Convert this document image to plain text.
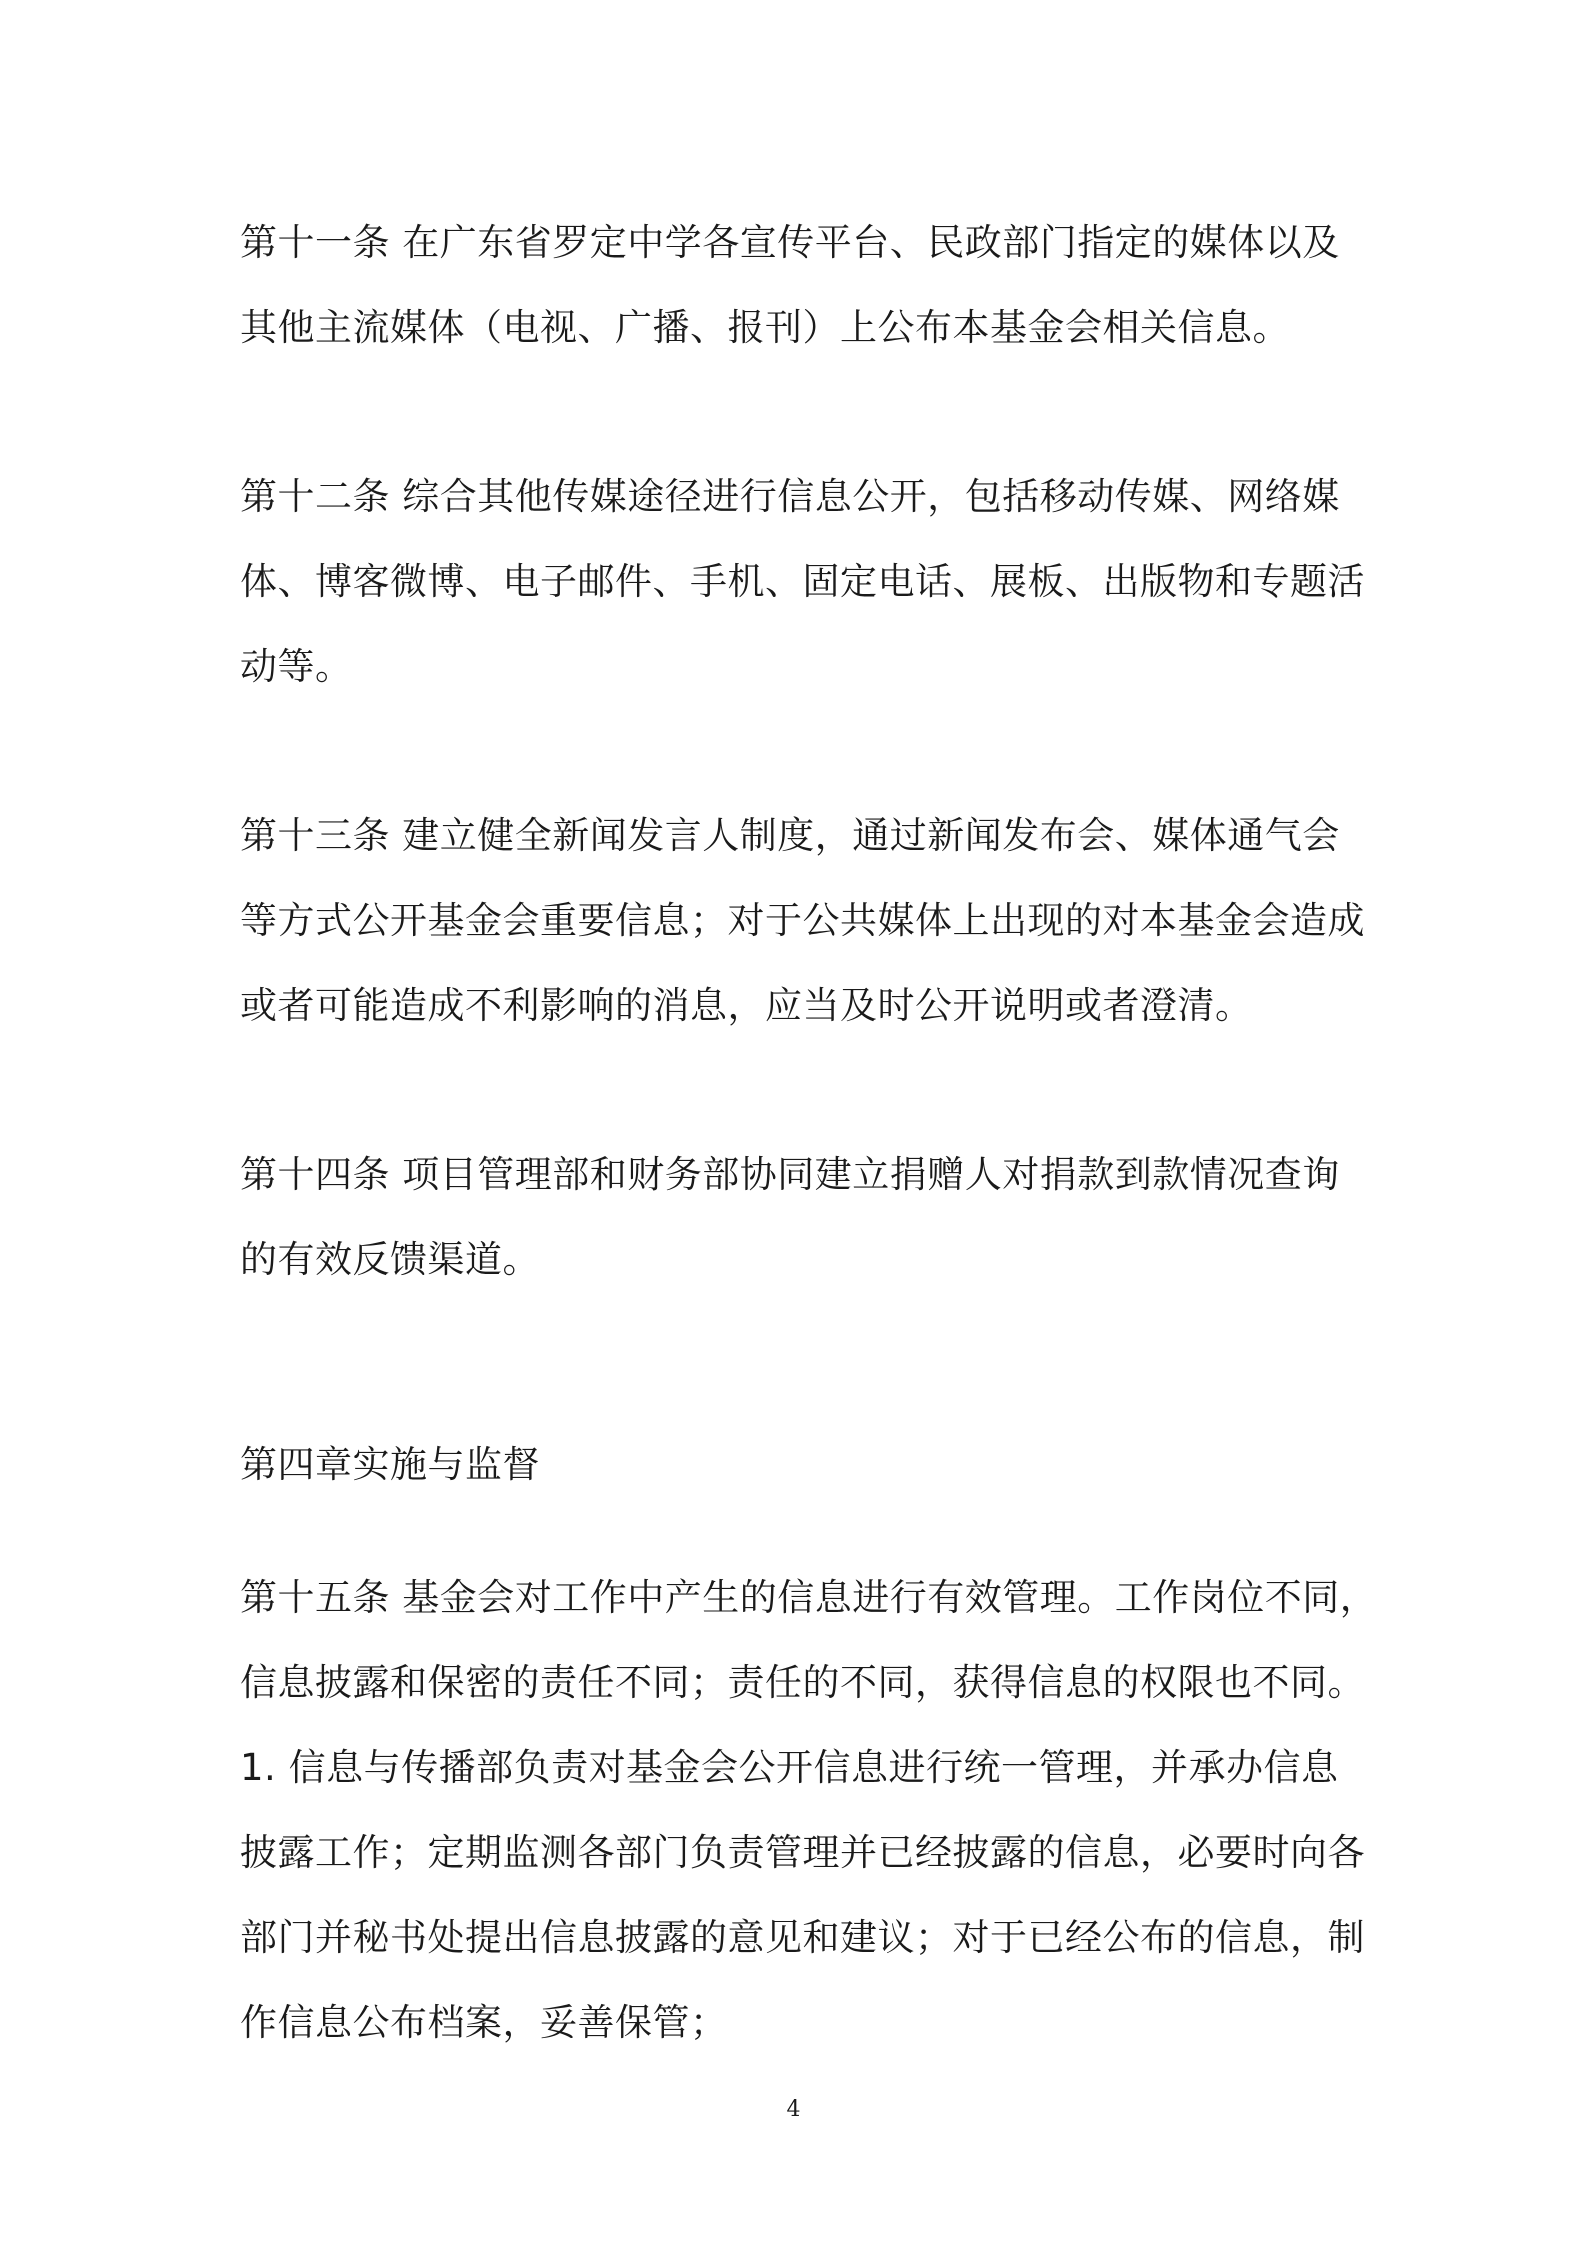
第十一条 在广东省罗定中学各宣传平台、民政部门指定的媒体以及
其他主流媒体（电视、广播、报刊）上公布本基金会相关信息。

第十二条 综合其他传媒途径进行信息公开，包括移动传媒、网络媒
体、博客微博、电子邮件、手机、固定电话、展板、出版物和专题活
动等。

第十三条 建立健全新闻发言人制度，通过新闻发布会、媒体通气会
等方式公开基金会重要信息；对于公共媒体上出现的对本基金会造成
或者可能造成不利影响的消息，应当及时公开说明或者澄清。

第十四条 项目管理部和财务部协同建立捐赠人对捐款到款情况查询
的有效反馈渠道。

第四章实施与监督

第十五条 基金会对工作中产生的信息进行有效管理。工作岗位不同，
信息披露和保密的责任不同；责任的不同，获得信息的权限也不同。
1. 信息与传播部负责对基金会公开信息进行统一管理，并承办信息
披露工作；定期监测各部门负责管理并已经披露的信息，必要时向各
部门并秘书处提出信息披露的意见和建议；对于已经公布的信息，制
作信息公布档案，妥善保管；

4
